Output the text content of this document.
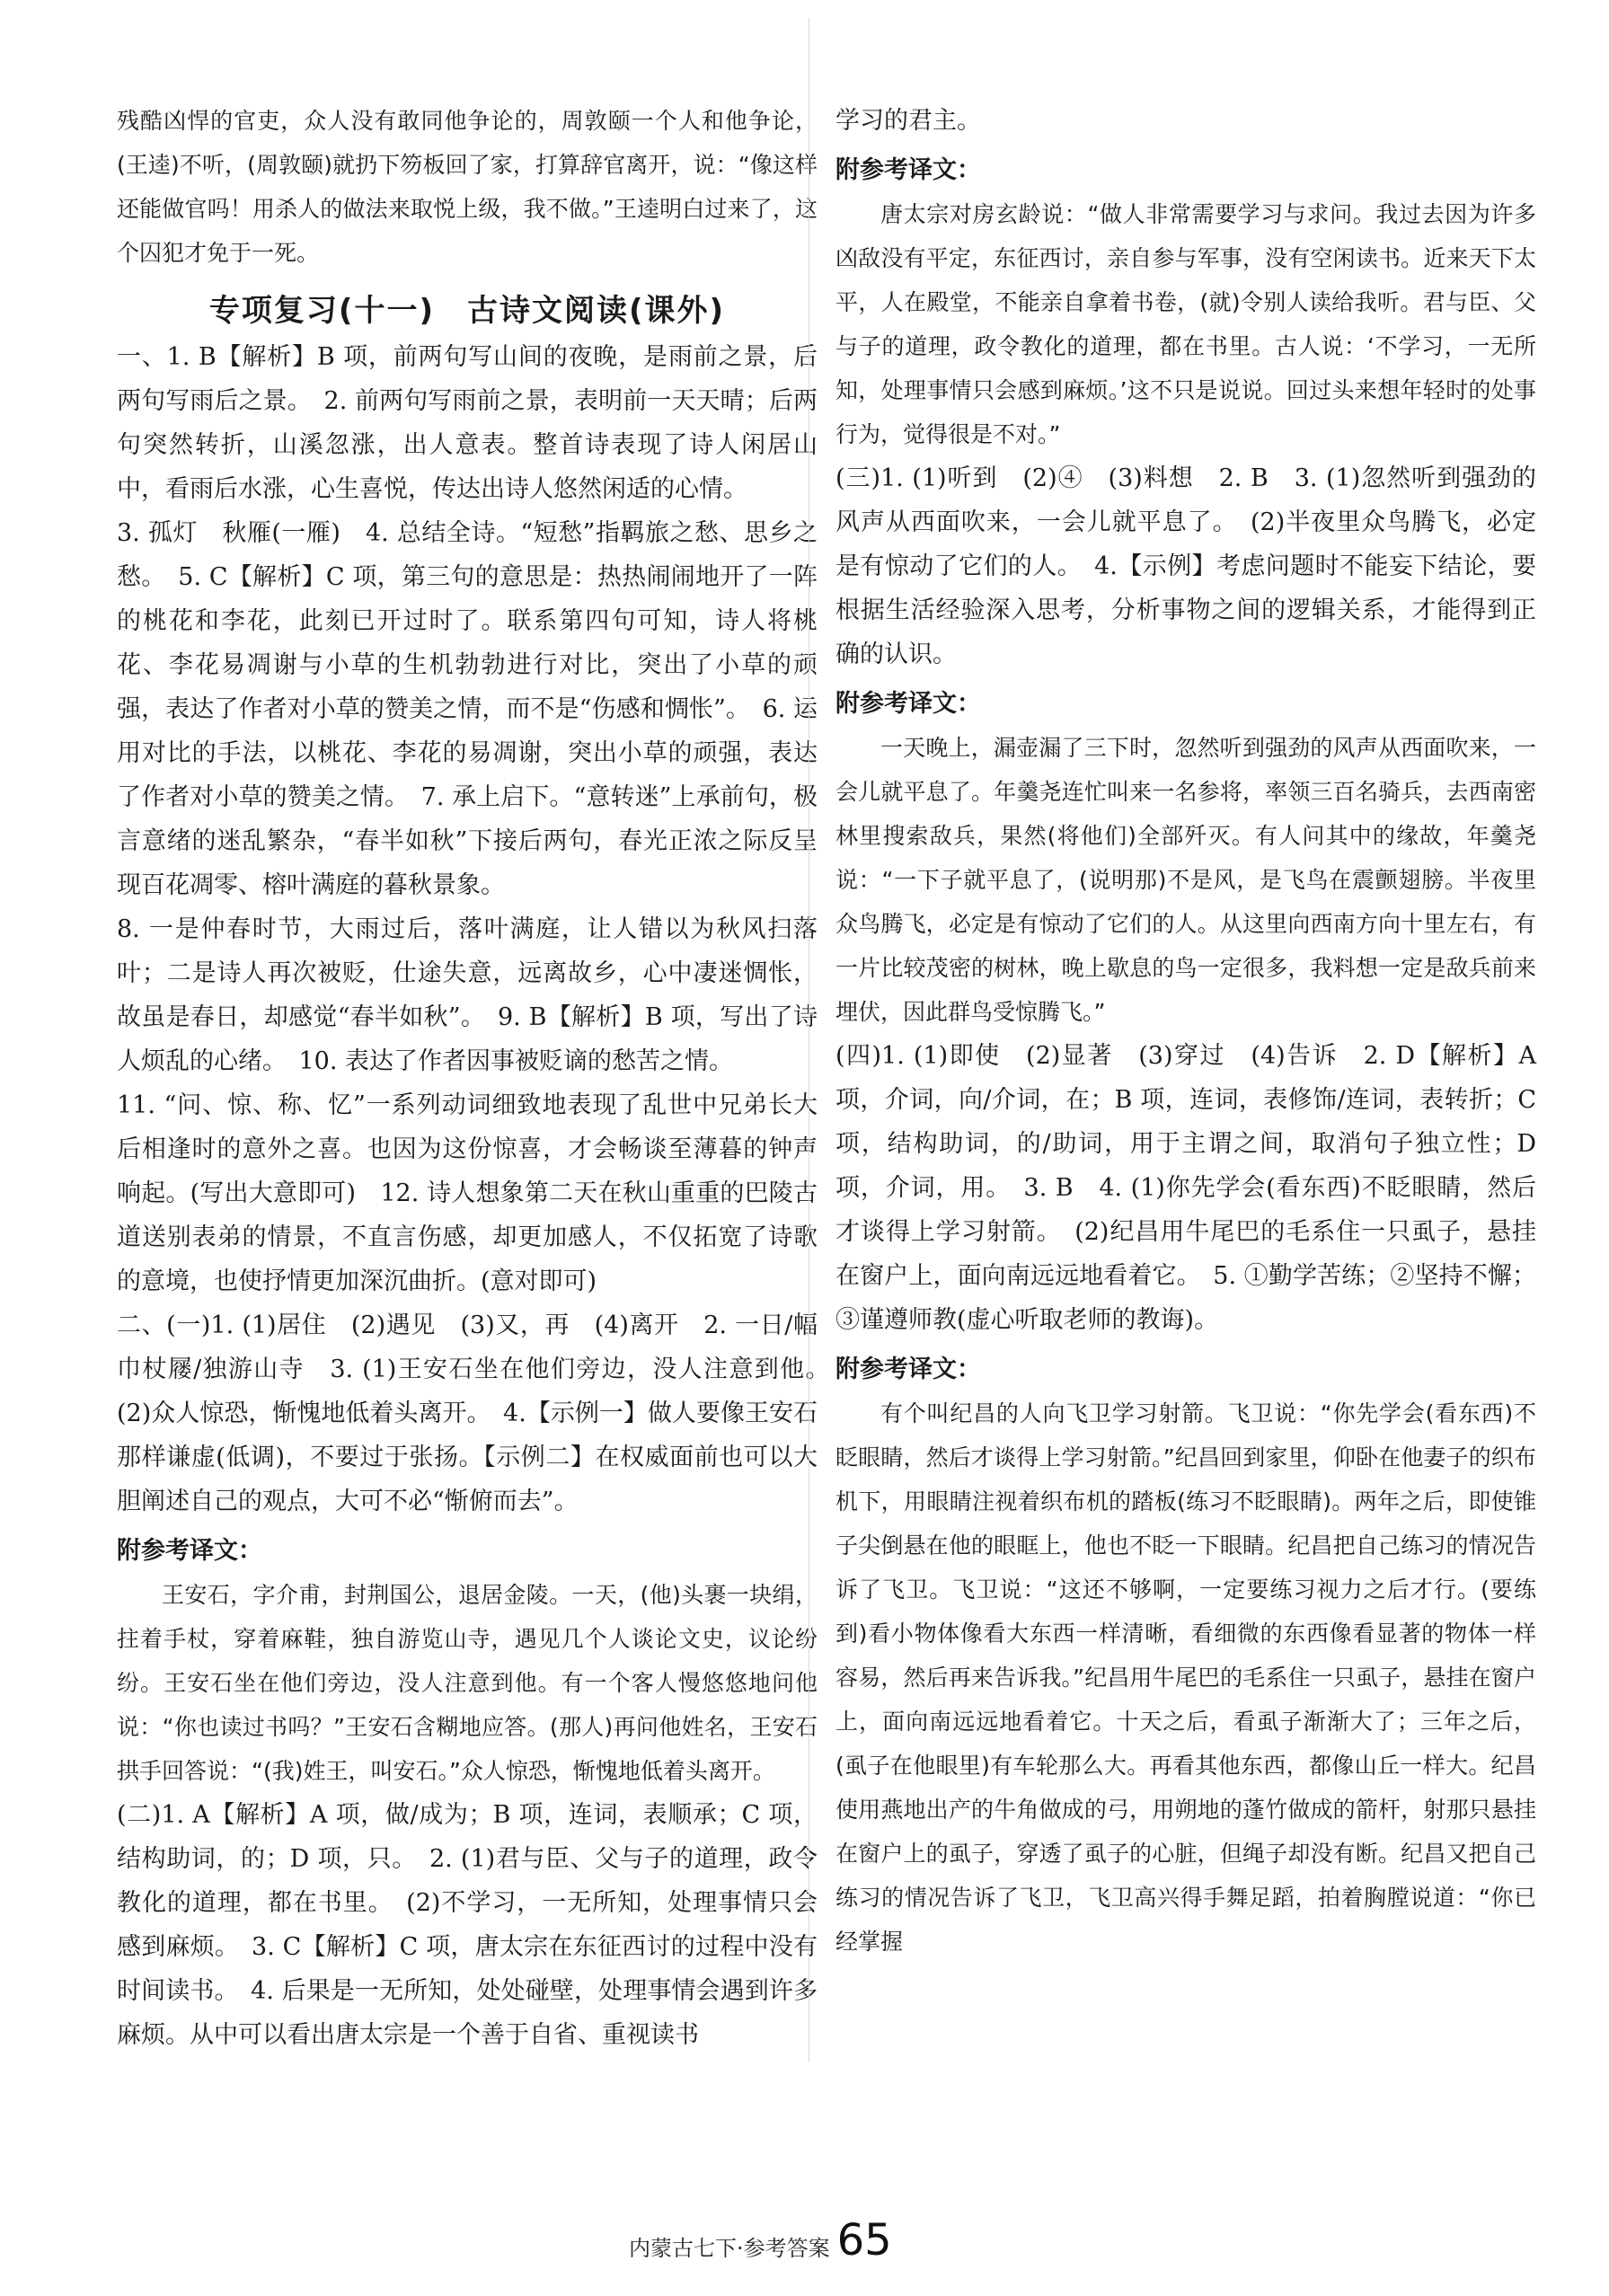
残酷凶悍的官吏，众人没有敢同他争论的，周敦颐一个人和他争论，(王逵)不听，(周敦颐)就扔下笏板回了家，打算辞官离开，说：“像这样还能做官吗！用杀人的做法来取悦上级，我不做。”王逵明白过来了，这个囚犯才免于一死。

专项复习(十一)　古诗文阅读(课外)

一、1. B【解析】B 项，前两句写山间的夜晚，是雨前之景，后两句写雨后之景。　2. 前两句写雨前之景，表明前一天天晴；后两句突然转折，山溪忽涨，出人意表。整首诗表现了诗人闲居山中，看雨后水涨，心生喜悦，传达出诗人悠然闲适的心情。

3. 孤灯　秋雁(一雁)　4. 总结全诗。“短愁”指羁旅之愁、思乡之愁。　5. C【解析】C 项，第三句的意思是：热热闹闹地开了一阵的桃花和李花，此刻已开过时了。联系第四句可知，诗人将桃花、李花易凋谢与小草的生机勃勃进行对比，突出了小草的顽强，表达了作者对小草的赞美之情，而不是“伤感和惆怅”。　6. 运用对比的手法，以桃花、李花的易凋谢，突出小草的顽强，表达了作者对小草的赞美之情。　7. 承上启下。“意转迷”上承前句，极言意绪的迷乱繁杂，“春半如秋”下接后两句，春光正浓之际反呈现百花凋零、榕叶满庭的暮秋景象。

8. 一是仲春时节，大雨过后，落叶满庭，让人错以为秋风扫落叶；二是诗人再次被贬，仕途失意，远离故乡，心中凄迷惆怅，故虽是春日，却感觉“春半如秋”。　9. B【解析】B 项，写出了诗人烦乱的心绪。　10. 表达了作者因事被贬谪的愁苦之情。

11. “问、惊、称、忆”一系列动词细致地表现了乱世中兄弟长大后相逢时的意外之喜。也因为这份惊喜，才会畅谈至薄暮的钟声响起。(写出大意即可)　12. 诗人想象第二天在秋山重重的巴陵古道送别表弟的情景，不直言伤感，却更加感人，不仅拓宽了诗歌的意境，也使抒情更加深沉曲折。(意对即可)

二、(一)1. (1)居住　(2)遇见　(3)又，再　(4)离开　2. 一日/幅巾杖屦/独游山寺　3. (1)王安石坐在他们旁边，没人注意到他。　(2)众人惊恐，惭愧地低着头离开。　4.【示例一】做人要像王安石那样谦虚(低调)，不要过于张扬。【示例二】在权威面前也可以大胆阐述自己的观点，大可不必“惭俯而去”。

附参考译文：

王安石，字介甫，封荆国公，退居金陵。一天，(他)头裹一块绢，拄着手杖，穿着麻鞋，独自游览山寺，遇见几个人谈论文史，议论纷纷。王安石坐在他们旁边，没人注意到他。有一个客人慢悠悠地问他说：“你也读过书吗？”王安石含糊地应答。(那人)再问他姓名，王安石拱手回答说：“(我)姓王，叫安石。”众人惊恐，惭愧地低着头离开。

(二)1. A【解析】A 项，做/成为；B 项，连词，表顺承；C 项，结构助词，的；D 项，只。　2. (1)君与臣、父与子的道理，政令教化的道理，都在书里。　(2)不学习，一无所知，处理事情只会感到麻烦。　3. C【解析】C 项，唐太宗在东征西讨的过程中没有时间读书。　4. 后果是一无所知，处处碰壁，处理事情会遇到许多麻烦。从中可以看出唐太宗是一个善于自省、重视读书

学习的君主。

附参考译文：

唐太宗对房玄龄说：“做人非常需要学习与求问。我过去因为许多凶敌没有平定，东征西讨，亲自参与军事，没有空闲读书。近来天下太平，人在殿堂，不能亲自拿着书卷，(就)令别人读给我听。君与臣、父与子的道理，政令教化的道理，都在书里。古人说：‘不学习，一无所知，处理事情只会感到麻烦。’这不只是说说。回过头来想年轻时的处事行为，觉得很是不对。”

(三)1. (1)听到　(2)④　(3)料想　2. B　3. (1)忽然听到强劲的风声从西面吹来，一会儿就平息了。　(2)半夜里众鸟腾飞，必定是有惊动了它们的人。　4.【示例】考虑问题时不能妄下结论，要根据生活经验深入思考，分析事物之间的逻辑关系，才能得到正确的认识。

附参考译文：

一天晚上，漏壶漏了三下时，忽然听到强劲的风声从西面吹来，一会儿就平息了。年羹尧连忙叫来一名参将，率领三百名骑兵，去西南密林里搜索敌兵，果然(将他们)全部歼灭。有人问其中的缘故，年羹尧说：“一下子就平息了，(说明那)不是风，是飞鸟在震颤翅膀。半夜里众鸟腾飞，必定是有惊动了它们的人。从这里向西南方向十里左右，有一片比较茂密的树林，晚上歇息的鸟一定很多，我料想一定是敌兵前来埋伏，因此群鸟受惊腾飞。”

(四)1. (1)即使　(2)显著　(3)穿过　(4)告诉　2. D【解析】A 项，介词，向/介词，在；B 项，连词，表修饰/连词，表转折；C 项，结构助词，的/助词，用于主谓之间，取消句子独立性；D 项，介词，用。　3. B　4. (1)你先学会(看东西)不眨眼睛，然后才谈得上学习射箭。　(2)纪昌用牛尾巴的毛系住一只虱子，悬挂在窗户上，面向南远远地看着它。　5. ①勤学苦练；②坚持不懈；③谨遵师教(虚心听取老师的教诲)。

附参考译文：

有个叫纪昌的人向飞卫学习射箭。飞卫说：“你先学会(看东西)不眨眼睛，然后才谈得上学习射箭。”纪昌回到家里，仰卧在他妻子的织布机下，用眼睛注视着织布机的踏板(练习不眨眼睛)。两年之后，即使锥子尖倒悬在他的眼眶上，他也不眨一下眼睛。纪昌把自己练习的情况告诉了飞卫。飞卫说：“这还不够啊，一定要练习视力之后才行。(要练到)看小物体像看大东西一样清晰，看细微的东西像看显著的物体一样容易，然后再来告诉我。”纪昌用牛尾巴的毛系住一只虱子，悬挂在窗户上，面向南远远地看着它。十天之后，看虱子渐渐大了；三年之后，(虱子在他眼里)有车轮那么大。再看其他东西，都像山丘一样大。纪昌使用燕地出产的牛角做成的弓，用朔地的蓬竹做成的箭杆，射那只悬挂在窗户上的虱子，穿透了虱子的心脏，但绳子却没有断。纪昌又把自己练习的情况告诉了飞卫，飞卫高兴得手舞足蹈，拍着胸膛说道：“你已经掌握

内蒙古七下·参考答案 65
